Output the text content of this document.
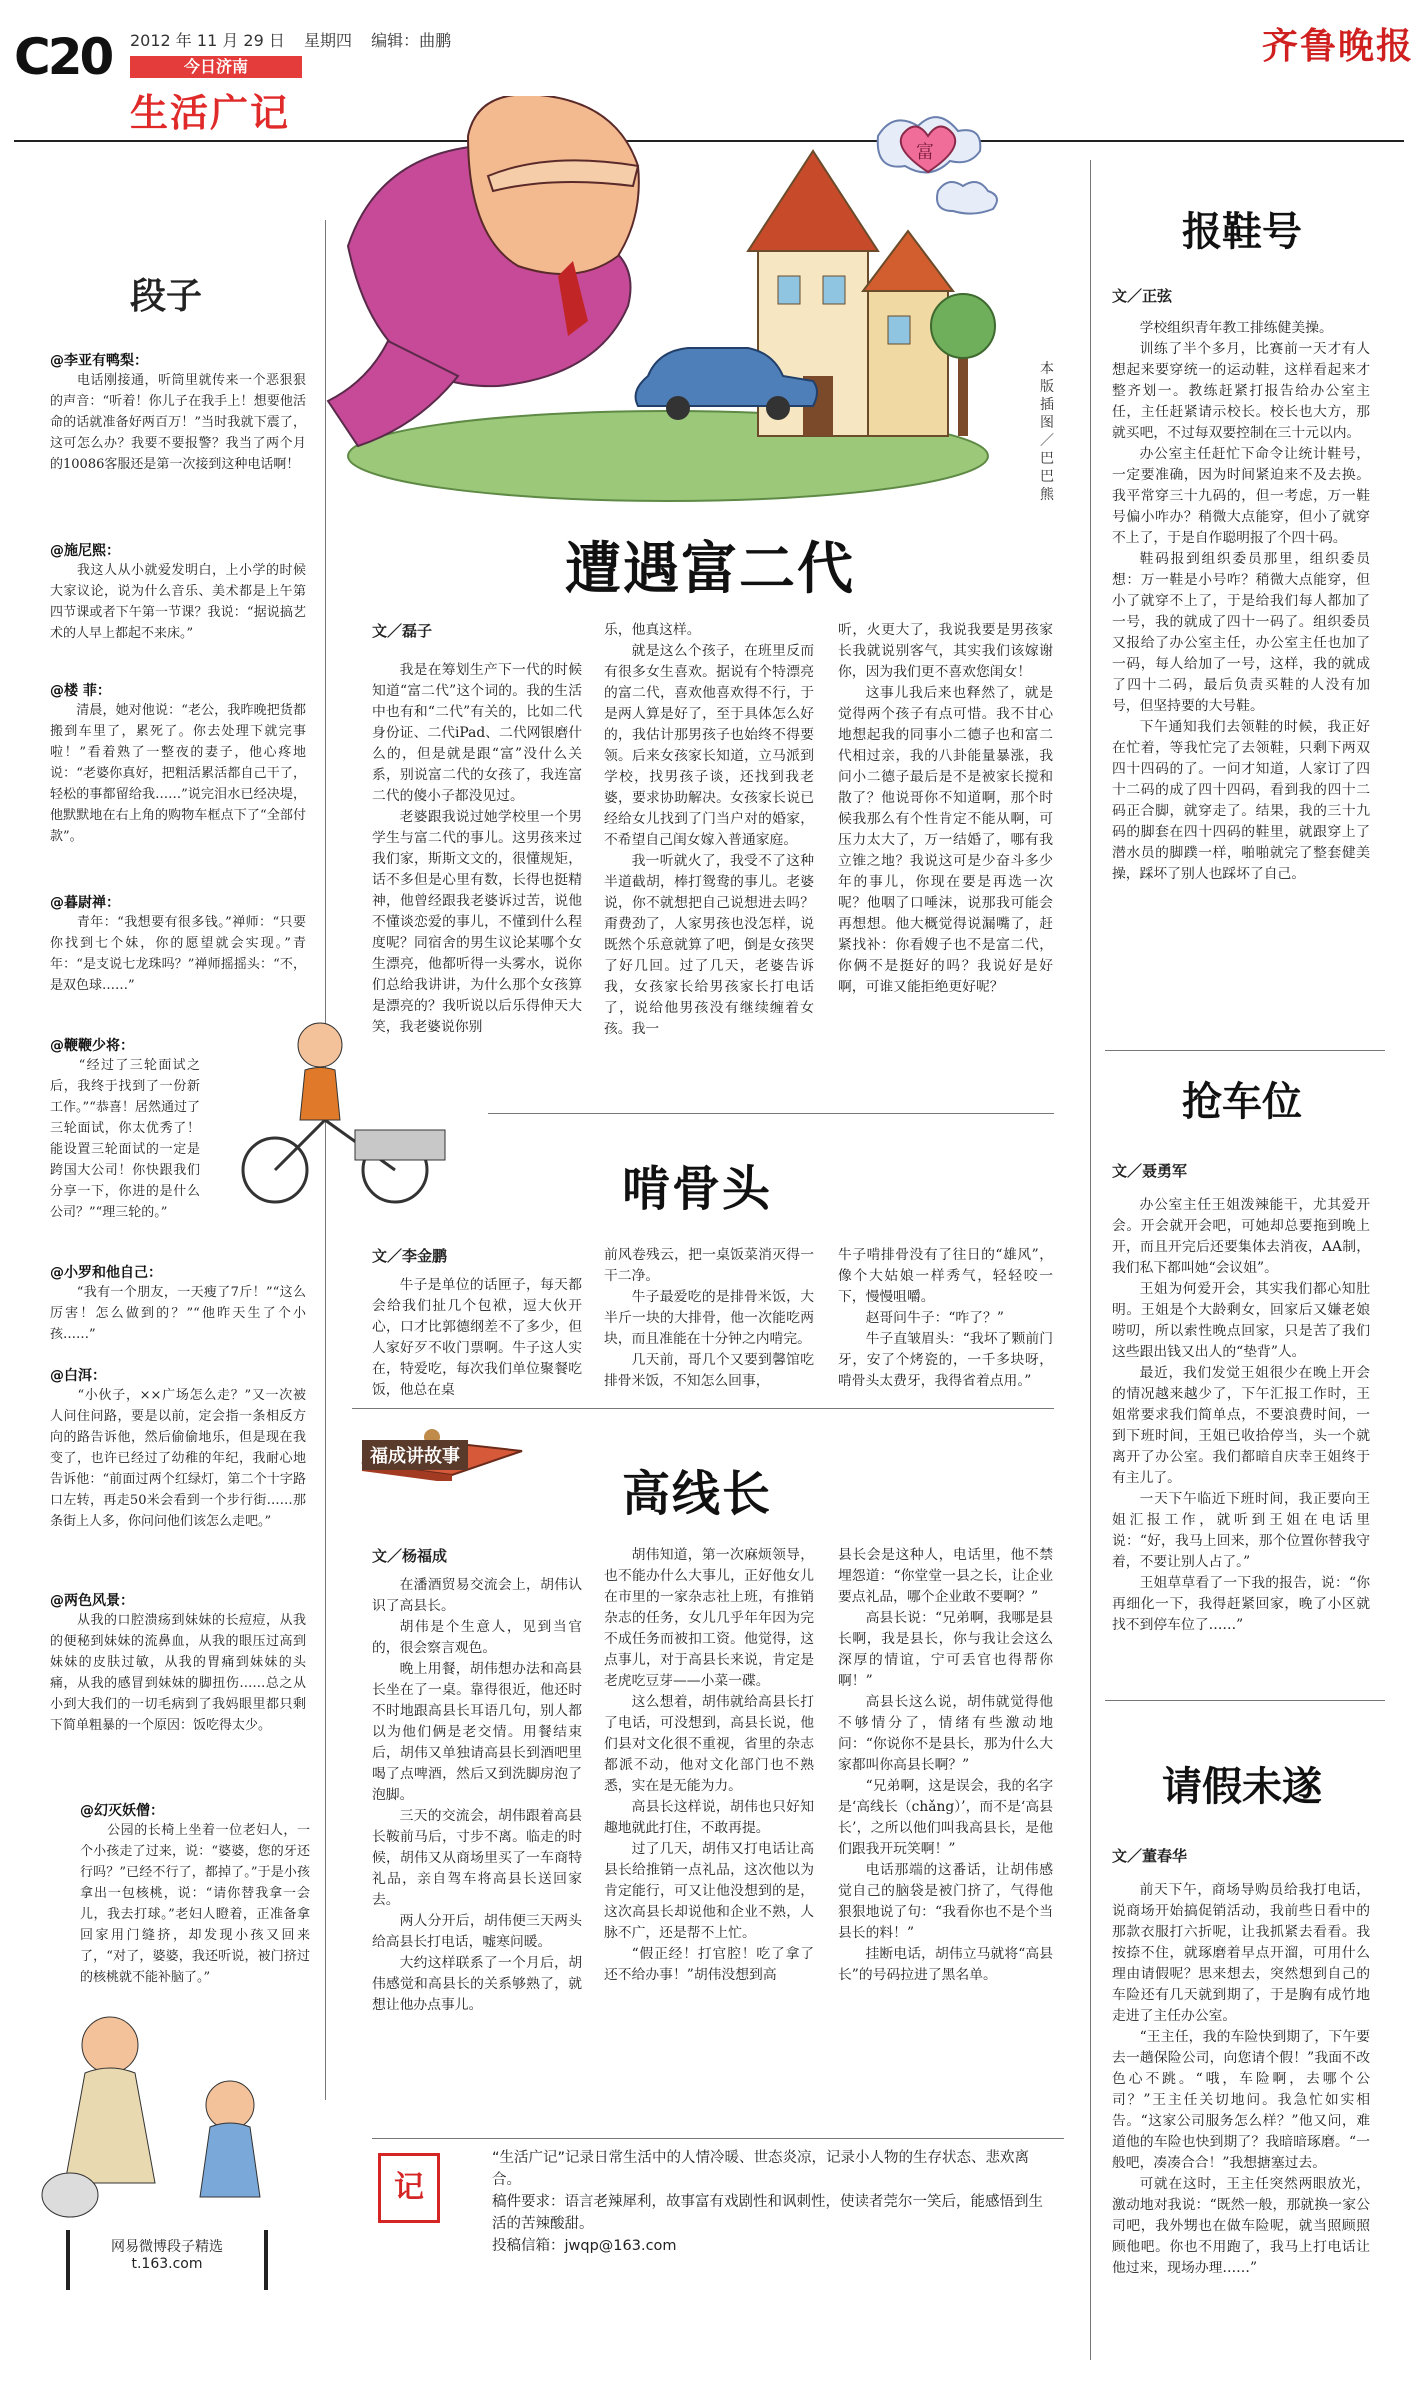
C20 2012 年 11 月 29 日 星期四 编辑：曲鹏
今日济南
生活广记
齐鲁晚报
富
本版插图／巴巴熊
段子
@李亚有鸭梨：
电话刚接通，听筒里就传来一个恶狠狠的声音：“听着！你儿子在我手上！想要他活命的话就准备好两百万！”当时我就下震了，这可怎么办？我要不要报警？我当了两个月的10086客服还是第一次接到这种电话啊！
@施尼熙：
我这人从小就爱发明白，上小学的时候大家议论，说为什么音乐、美术都是上午第四节课或者下午第一节课？我说：“据说搞艺术的人早上都起不来床。”
@楼 菲：
清晨，她对他说：“老公，我昨晚把货都搬到车里了，累死了。你去处理下就完事啦！”看着熟了一整夜的妻子，他心疼地说：“老婆你真好，把粗活累活都自己干了，轻松的事都留给我……”说完泪水已经决堤，他默默地在右上角的购物车框点下了“全部付款”。
@暮尉禅：
青年：“我想要有很多钱。”禅师：“只要你找到七个妹，你的愿望就会实现。”青年：“是支说七龙珠吗？”禅师摇摇头：“不，是双色球……”
@鞭鞭少将：
“经过了三轮面试之后，我终于找到了一份新工作。”“恭喜！居然通过了三轮面试，你太优秀了！能设置三轮面试的一定是跨国大公司！你快跟我们分享一下，你进的是什么公司？”“理三轮的。”
@小罗和他自己：
“我有一个朋友，一天瘦了7斤！”“这么厉害！怎么做到的？”“他昨天生了个小孩……”
@白洱：
“小伙子，××广场怎么走？”又一次被人问住问路，要是以前，定会指一条相反方向的路告诉他，然后偷偷地乐，但是现在我变了，也许已经过了幼稚的年纪，我耐心地告诉他：“前面过两个红绿灯，第二个十字路口左转，再走50米会看到一个步行街……那条街上人多，你问问他们该怎么走吧。”
@两色风景：
从我的口腔溃疡到妹妹的长痘痘，从我的便秘到妹妹的流鼻血，从我的眼压过高到妹妹的皮肤过敏，从我的胃痛到妹妹的头痛，从我的感冒到妹妹的脚扭伤……总之从小到大我们的一切毛病到了我妈眼里都只剩下简单粗暴的一个原因：饭吃得太少。
@幻灭妖僧：
公园的长椅上坐着一位老妇人，一个小孩走了过来，说：“婆婆，您的牙还行吗？”已经不行了，都掉了。”于是小孩拿出一包核桃，说：“请你替我拿一会儿，我去打球。”老妇人瞪着，正准备拿回家用门缝挤，却发现小孩又回来了，“对了，婆婆，我还听说，被门挤过的核桃就不能补脑了。”
网易微博段子精选
t.163.com
遭遇富二代
文／磊子

我是在筹划生产下一代的时候知道“富二代”这个词的。我的生活中也有和“二代”有关的，比如二代身份证、二代iPad、二代网银磨什么的，但是就是跟“富”没什么关系，别说富二代的女孩了，我连富二代的傻小子都没见过。

老婆跟我说过她学校里一个男学生与富二代的事儿。这男孩来过我们家，斯斯文文的，很懂规矩，话不多但是心里有数，长得也挺精神，他曾经跟我老婆诉过苦，说他不懂谈恋爱的事儿，不懂到什么程度呢？同宿舍的男生议论某哪个女生漂亮，他都听得一头雾水，说你们总给我讲讲，为什么那个女孩算是漂亮的？我听说以后乐得伸天大笑，我老婆说你别

乐，他真这样。

就是这么个孩子，在班里反而有很多女生喜欢。据说有个特漂亮的富二代，喜欢他喜欢得不行，于是两人算是好了，至于具体怎么好的，我估计那男孩子也始终不得要领。后来女孩家长知道，立马派到学校，找男孩子谈，还找到我老婆，要求协助解决。女孩家长说已经给女儿找到了门当户对的婚家，不希望自己闺女嫁入普通家庭。

我一听就火了，我受不了这种半道截胡，棒打鸳鸯的事儿。老婆说，你不就想把自己说想进去吗？甭费劲了，人家男孩也没怎样，说既然个乐意就算了吧，倒是女孩哭了好几回。过了几天，老婆告诉我，女孩家长给男孩家长打电话了，说给他男孩没有继续缠着女孩。我一

听，火更大了，我说我要是男孩家长我就说别客气，其实我们该嫁谢你，因为我们更不喜欢您闺女！

这事儿我后来也释然了，就是觉得两个孩子有点可惜。我不甘心地想起我的同事小二德子也和富二代相过亲，我的八卦能量暴涨，我问小二德子最后是不是被家长搅和散了？他说哥你不知道啊，那个时候我那么有个性肯定不能从啊，可压力太大了，万一结婚了，哪有我立锥之地？我说这可是少奋斗多少年的事儿，你现在要是再选一次呢？他咽了口唾沫，说那我可能会再想想。他大概觉得说漏嘴了，赶紧找补：你看嫂子也不是富二代，你俩不是挺好的吗？我说好是好啊，可谁又能拒绝更好呢？

啃骨头
文／李金鹏

牛子是单位的话匣子，每天都会给我们扯几个包袱，逗大伙开心，口才比郭德纲差不了多少，但人家好歹不收门票啊。牛子这人实在，特爱吃，每次我们单位聚餐吃饭，他总在桌

前风卷残云，把一桌饭菜消灭得一干二净。

牛子最爱吃的是排骨米饭，大半斤一块的大排骨，他一次能吃两块，而且准能在十分钟之内啃完。

几天前，哥几个又要到馨馆吃排骨米饭，不知怎么回事，

牛子啃排骨没有了往日的“雄风”，像个大姑娘一样秀气，轻轻咬一下，慢慢咀嚼。

赵哥问牛子：“咋了？”

牛子直皱眉头：“我坏了颗前门牙，安了个烤瓷的，一千多块呀，啃骨头太费牙，我得省着点用。”

福成讲故事
高线长
文／杨福成

在潘酒贸易交流会上，胡伟认识了高县长。

胡伟是个生意人，见到当官的，很会察言观色。

晚上用餐，胡伟想办法和高县长坐在了一桌。靠得很近，他还时不时地跟高县长耳语几句，别人都以为他们俩是老交情。用餐结束后，胡伟又单独请高县长到酒吧里喝了点啤酒，然后又到洗脚房泡了泡脚。

三天的交流会，胡伟跟着高县长鞍前马后，寸步不离。临走的时候，胡伟又从商场里买了一车商特礼品，亲自驾车将高县长送回家去。

两人分开后，胡伟便三天两头给高县长打电话，嘘寒问暖。

大约这样联系了一个月后，胡伟感觉和高县长的关系够熟了，就想让他办点事儿。

胡伟知道，第一次麻烦领导，也不能办什么大事儿，正好他女儿在市里的一家杂志社上班，有推销杂志的任务，女儿几乎年年因为完不成任务而被扣工资。他觉得，这点事儿，对于高县长来说，肯定是老虎吃豆芽——小菜一碟。

这么想着，胡伟就给高县长打了电话，可没想到，高县长说，他们县对文化很不重视，省里的杂志都派不动，他对文化部门也不熟悉，实在是无能为力。

高县长这样说，胡伟也只好知趣地就此打住，不敢再提。

过了几天，胡伟又打电话让高县长给推销一点礼品，这次他以为肯定能行，可又让他没想到的是，这次高县长却说他和企业不熟，人脉不广，还是帮不上忙。

“假正经！打官腔！吃了拿了还不给办事！”胡伟没想到高

县长会是这种人，电话里，他不禁埋怨道：“你堂堂一县之长，让企业要点礼品，哪个企业敢不要啊？”

高县长说：“兄弟啊，我哪是县长啊，我是县长，你与我让会这么深厚的情谊，宁可丢官也得帮你啊！”

高县长这么说，胡伟就觉得他不够情分了，情绪有些激动地问：“你说你不是县长，那为什么大家都叫你高县长啊？”

“兄弟啊，这是误会，我的名字是‘高线长（chǎng）’，而不是‘高县长’，之所以他们叫我高县长，是他们跟我开玩笑啊！”

电话那端的这番话，让胡伟感觉自己的脑袋是被门挤了，气得他狠狠地说了句：“我看你也不是个当县长的料！”

挂断电话，胡伟立马就将“高县长”的号码拉进了黑名单。

报鞋号
文／正弦

学校组织青年教工排练健美操。

训练了半个多月，比赛前一天才有人想起来要穿统一的运动鞋，这样看起来才整齐划一。教练赶紧打报告给办公室主任，主任赶紧请示校长。校长也大方，那就买吧，不过每双要控制在三十元以内。

办公室主任赶忙下命令让统计鞋号，一定要准确，因为时间紧迫来不及去换。我平常穿三十九码的，但一考虑，万一鞋号偏小咋办？稍微大点能穿，但小了就穿不上了，于是自作聪明报了个四十码。

鞋码报到组织委员那里，组织委员想：万一鞋是小号咋？稍微大点能穿，但小了就穿不上了，于是给我们每人都加了一号，我的就成了四十一码了。组织委员又报给了办公室主任，办公室主任也加了一码，每人给加了一号，这样，我的就成了四十二码，最后负责买鞋的人没有加号，但坚持要的大号鞋。

下午通知我们去领鞋的时候，我正好在忙着，等我忙完了去领鞋，只剩下两双四十四码的了。一问才知道，人家订了四十二码的成了四十四码，看到我的四十二码正合脚，就穿走了。结果，我的三十九码的脚套在四十四码的鞋里，就跟穿上了潜水员的脚蹼一样，啪啪就完了整套健美操，踩坏了别人也踩坏了自己。

抢车位
文／聂勇军

办公室主任王姐泼辣能干，尤其爱开会。开会就开会吧，可她却总要拖到晚上开，而且开完后还要集体去消夜，AA制，我们私下都叫她“会议姐”。

王姐为何爱开会，其实我们都心知肚明。王姐是个大龄剩女，回家后又嫌老娘唠叨，所以索性晚点回家，只是苦了我们这些跟出钱又出人的“垫背”人。

最近，我们发觉王姐很少在晚上开会的情况越来越少了，下午汇报工作时，王姐常要求我们简单点，不要浪费时间，一到下班时间，王姐已收拾停当，头一个就离开了办公室。我们都暗自庆幸王姐终于有主儿了。

一天下午临近下班时间，我正要向王姐汇报工作，就听到王姐在电话里说：“好，我马上回来，那个位置你替我守着，不要让别人占了。”

王姐草草看了一下我的报告，说：“你再细化一下，我得赶紧回家，晚了小区就找不到停车位了……”

请假未遂
文／董春华

前天下午，商场导购员给我打电话，说商场开始搞促销活动，我前些日看中的那款衣服打六折呢，让我抓紧去看看。我按捺不住，就琢磨着早点开溜，可用什么理由请假呢？思来想去，突然想到自己的车险还有几天就到期了，于是胸有成竹地走进了主任办公室。

“王主任，我的车险快到期了，下午要去一趟保险公司，向您请个假！”我面不改色心不跳。“哦，车险啊，去哪个公司？”王主任关切地问。我急忙如实相告。“这家公司服务怎么样？”他又问，难道他的车险也快到期了？我暗暗琢磨。“一般吧，凑凑合合！”我想搪塞过去。

可就在这时，王主任突然两眼放光，激动地对我说：“既然一般，那就换一家公司吧，我外甥也在做车险呢，就当照顾照顾他吧。你也不用跑了，我马上打电话让他过来，现场办理……”

记
“生活广记”记录日常生活中的人情冷暖、世态炎凉，记录小人物的生存状态、悲欢离合。
稿件要求：语言老辣犀利，故事富有戏剧性和讽刺性，使读者莞尔一笑后，能感悟到生活的苦辣酸甜。
投稿信箱：jwqp@163.com
